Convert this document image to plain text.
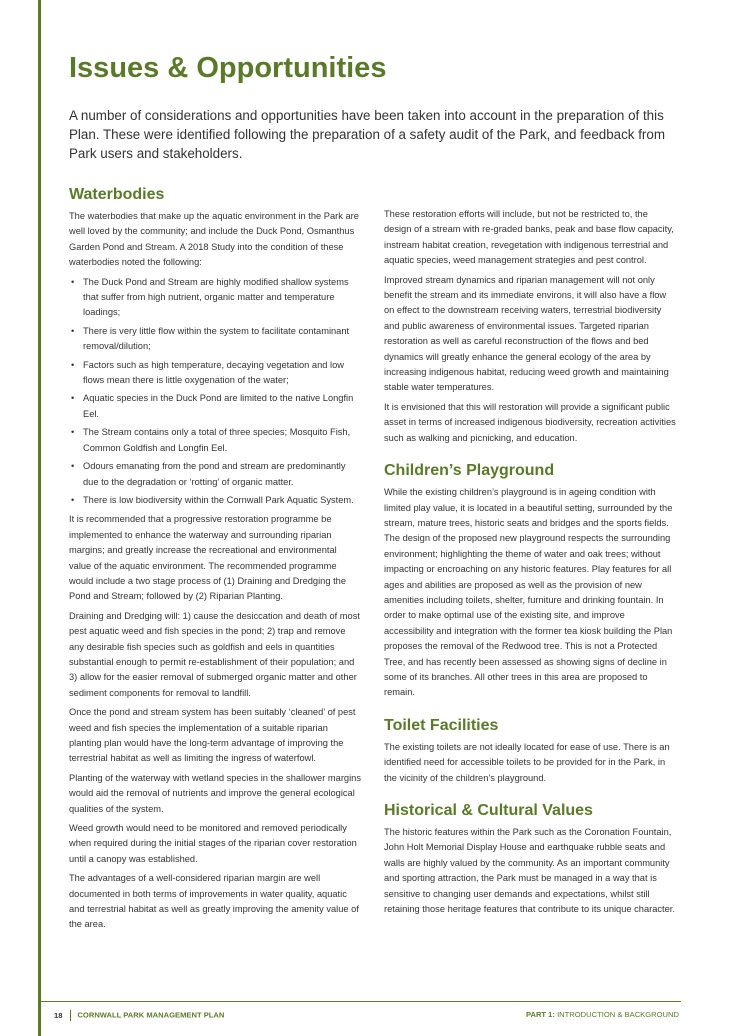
Issues & Opportunities

A number of considerations and opportunities have been taken into account in the preparation of this Plan. These were identified following the preparation of a safety audit of the Park, and feedback from Park users and stakeholders.

Waterbodies

The waterbodies that make up the aquatic environment in the Park are well loved by the community; and include the Duck Pond, Osmanthus Garden Pond and Stream. A 2018 Study into the condition of these waterbodies noted the following:

• The Duck Pond and Stream are highly modified shallow systems that suffer from high nutrient, organic matter and temperature loadings;
• There is very little flow within the system to facilitate contaminant removal/dilution;
• Factors such as high temperature, decaying vegetation and low flows mean there is little oxygenation of the water;
• Aquatic species in the Duck Pond are limited to the native Longfin Eel.
• The Stream contains only a total of three species; Mosquito Fish, Common Goldfish and Longfin Eel.
• Odours emanating from the pond and stream are predominantly due to the degradation or ‘rotting’ of organic matter.
• There is low biodiversity within the Cornwall Park Aquatic System.

It is recommended that a progressive restoration programme be implemented to enhance the waterway and surrounding riparian margins; and greatly increase the recreational and environmental value of the aquatic environment. The recommended programme would include a two stage process of (1) Draining and Dredging the Pond and Stream; followed by (2) Riparian Planting.

Draining and Dredging will: 1) cause the desiccation and death of most pest aquatic weed and fish species in the pond; 2) trap and remove any desirable fish species such as goldfish and eels in quantities substantial enough to permit re-establishment of their population; and 3) allow for the easier removal of submerged organic matter and other sediment components for removal to landfill.

Once the pond and stream system has been suitably ‘cleaned’ of pest weed and fish species the implementation of a suitable riparian planting plan would have the long-term advantage of improving the terrestrial habitat as well as limiting the ingress of waterfowl.

Planting of the waterway with wetland species in the shallower margins would aid the removal of nutrients and improve the general ecological qualities of the system.

Weed growth would need to be monitored and removed periodically when required during the initial stages of the riparian cover restoration until a canopy was established.

The advantages of a well-considered riparian margin are well documented in both terms of improvements in water quality, aquatic and terrestrial habitat as well as greatly improving the amenity value of the area.

These restoration efforts will include, but not be restricted to, the design of a stream with re-graded banks, peak and base flow capacity, instream habitat creation, revegetation with indigenous terrestrial and aquatic species, weed management strategies and pest control.

Improved stream dynamics and riparian management will not only benefit the stream and its immediate environs, it will also have a flow on effect to the downstream receiving waters, terrestrial biodiversity and public awareness of environmental issues. Targeted riparian restoration as well as careful reconstruction of the flows and bed dynamics will greatly enhance the general ecology of the area by increasing indigenous habitat, reducing weed growth and maintaining stable water temperatures.

It is envisioned that this will restoration will provide a significant public asset in terms of increased indigenous biodiversity, recreation activities such as walking and picnicking, and education.

Children’s Playground

While the existing children’s playground is in ageing condition with limited play value, it is located in a beautiful setting, surrounded by the stream, mature trees, historic seats and bridges and the sports fields. The design of the proposed new playground respects the surrounding environment; highlighting the theme of water and oak trees; without impacting or encroaching on any historic features. Play features for all ages and abilities are proposed as well as the provision of new amenities including toilets, shelter, furniture and drinking fountain. In order to make optimal use of the existing site, and improve accessibility and integration with the former tea kiosk building the Plan proposes the removal of the Redwood tree. This is not a Protected Tree, and has recently been assessed as showing signs of decline in some of its branches. All other trees in this area are proposed to remain.

Toilet Facilities

The existing toilets are not ideally located for ease of use. There is an identified need for accessible toilets to be provided for in the Park, in the vicinity of the children’s playground.

Historical & Cultural Values

The historic features within the Park such as the Coronation Fountain, John Holt Memorial Display House and earthquake rubble seats and walls are highly valued by the community. As an important community and sporting attraction, the Park must be managed in a way that is sensitive to changing user demands and expectations, whilst still retaining those heritage features that contribute to its unique character.

18 CORNWALL PARK MANAGEMENT PLAN	PART 1: INTRODUCTION & BACKGROUND
